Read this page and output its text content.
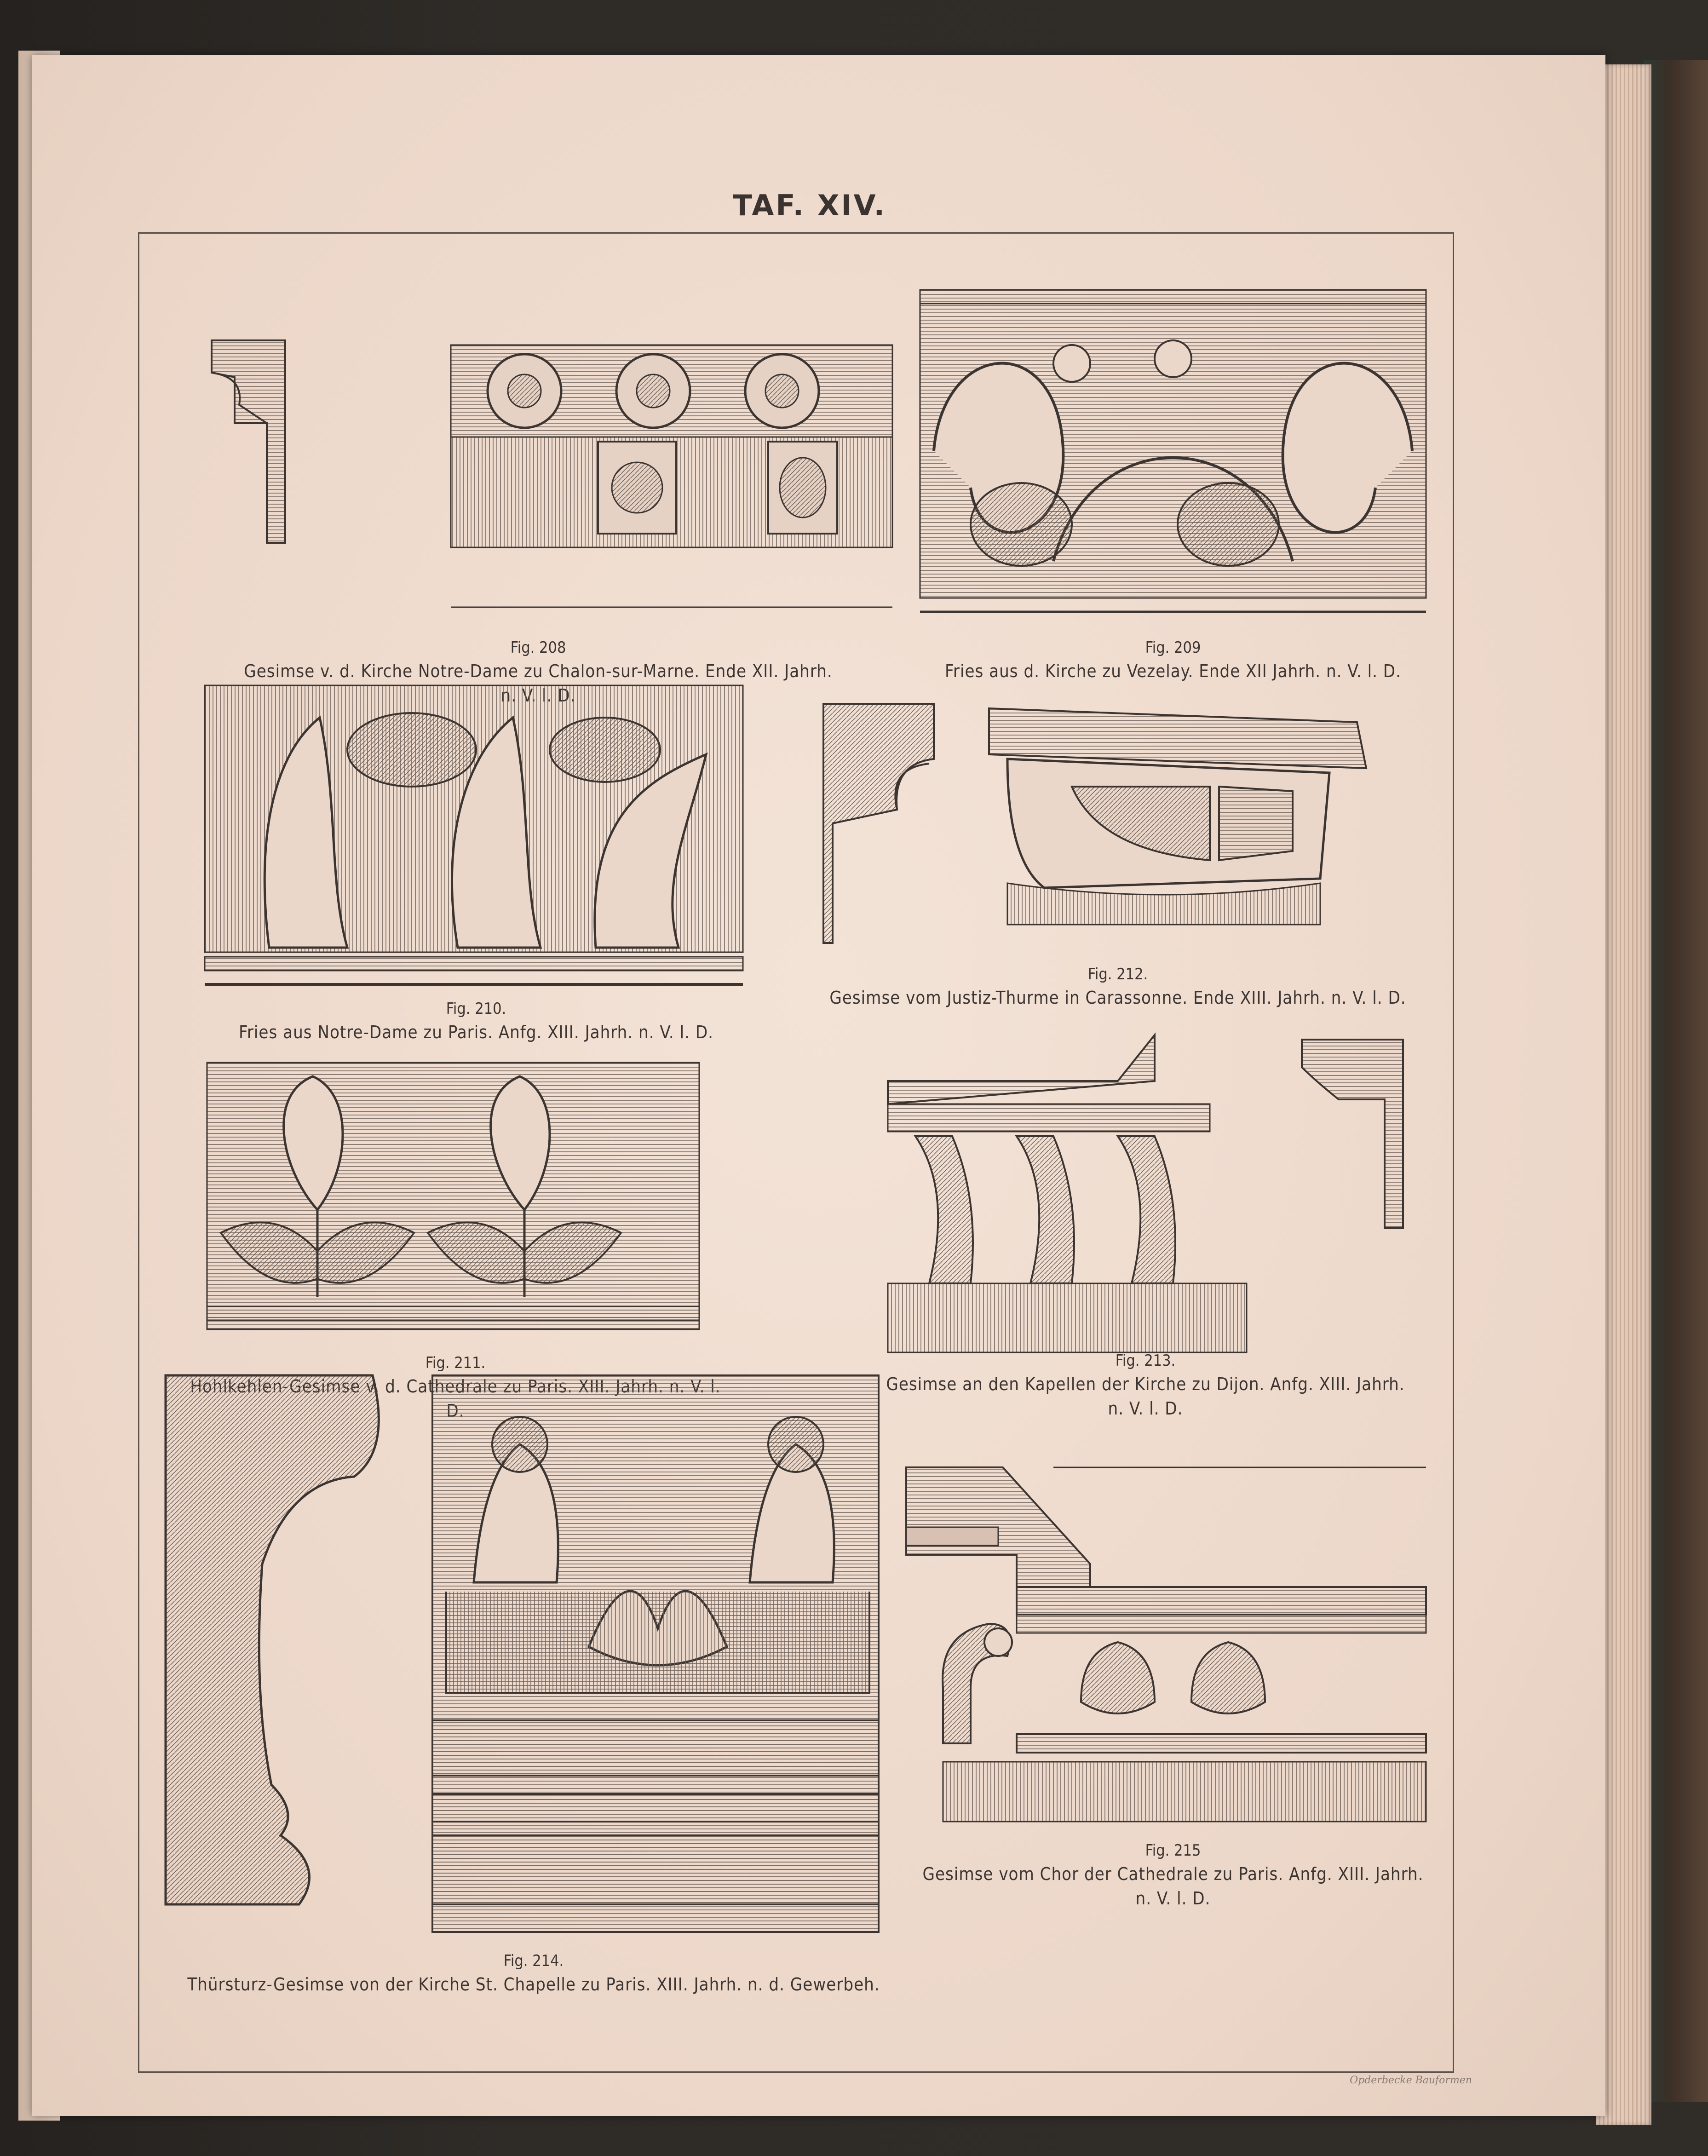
TAF. XIV.
Fig. 208
Gesimse v. d. Kirche Notre-Dame zu Chalon-sur-Marne. Ende XII. Jahrh.

Fig. 209
Fries aus d. Kirche zu Vezelay. Ende XII Jahrh. n. V. l. D.
Fig. 210.
Fries aus Notre-Dame zu Paris. Anfg. XIII. Jahrh. n. V. l. D.
Fig. 212.
Gesimse vom Justiz-Thurme in Carassonne. Ende XIII. Jahrh. n. V. l. D.
Fig. 211.
d.
Fig. 213.
Gesimse an den Kapellen der Kirche zu Dijon. Anfg. XIII. Jahrh.
n. V. l. D.
Fig. 214.
Thürsturz-Gesimse von der Kirche St. Chapelle zu Paris. XIII. Jahrh. n. d. Gewerbeh.
Fig. 215
Gesimse vom Chor der Cathedrale zu Paris. Anfg. XIII. Jahrh.
n. V. l. D.
Opderbecke Bauformen
